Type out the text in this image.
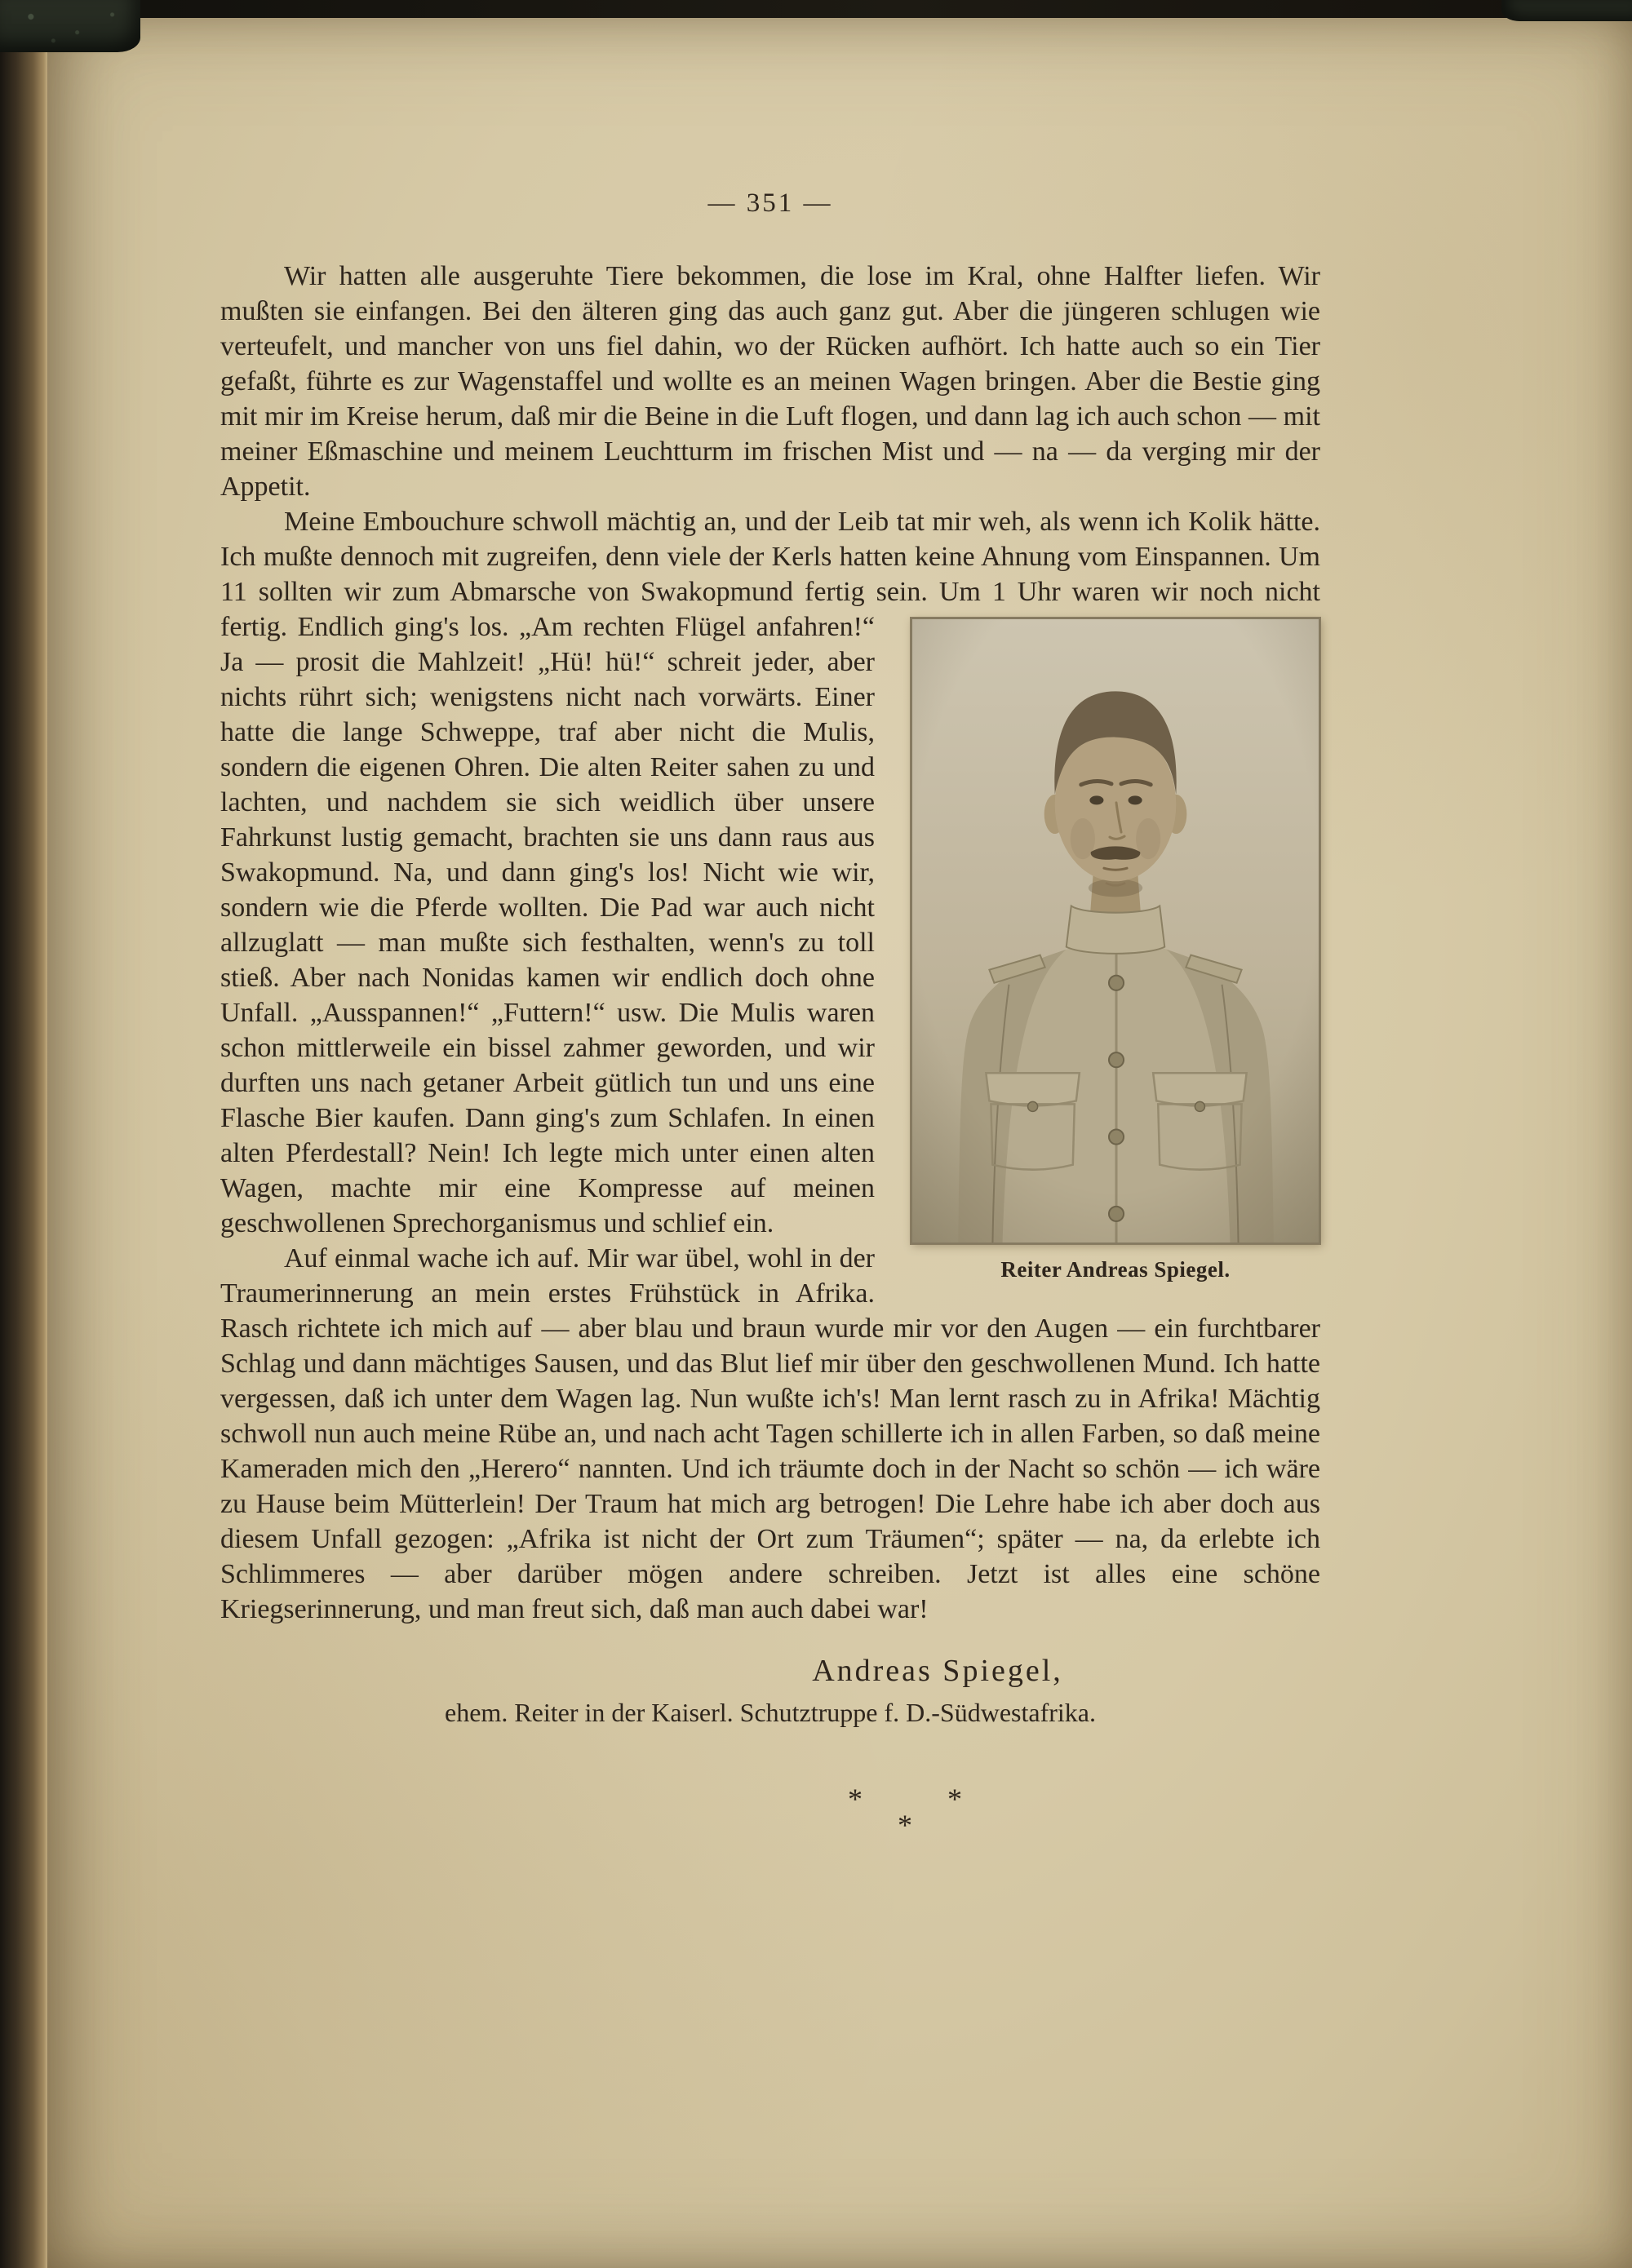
— 351 —
Wir hatten alle ausgeruhte Tiere bekommen, die lose im Kral, ohne Halfter liefen. Wir mußten sie einfangen. Bei den älteren ging das auch ganz gut. Aber die jüngeren schlugen wie verteufelt, und mancher von uns fiel dahin, wo der Rücken aufhört. Ich hatte auch so ein Tier gefaßt, führte es zur Wagenstaffel und wollte es an meinen Wagen bringen. Aber die Bestie ging mit mir im Kreise herum, daß mir die Beine in die Luft flogen, und dann lag ich auch schon — mit meiner Eßmaschine und meinem Leuchtturm im frischen Mist und — na — da verging mir der Appetit.
Meine Embouchure schwoll mächtig an, und der Leib tat mir weh, als wenn ich Kolik hätte. Ich mußte dennoch mit zugreifen, denn viele der Kerls hatten keine Ahnung vom Einspannen. Um 11 sollten wir zum Abmarsche von Swakopmund fertig sein. Um 1 Uhr waren wir noch nicht fertig. Endlich ging's los.
Reiter Andreas Spiegel.
„Am rechten Flügel anfahren!“ Ja — prosit die Mahlzeit! „Hü! hü!“ schreit jeder, aber nichts rührt sich; wenigstens nicht nach vorwärts. Einer hatte die lange Schweppe, traf aber nicht die Mulis, sondern die eigenen Ohren. Die alten Reiter sahen zu und lachten, und nachdem sie sich weidlich über unsere Fahrkunst lustig gemacht, brachten sie uns dann raus aus Swakopmund. Na, und dann ging's los! Nicht wie wir, sondern wie die Pferde wollten. Die Pad war auch nicht allzuglatt — man mußte sich festhalten, wenn's zu toll stieß. Aber nach Nonidas kamen wir endlich doch ohne Unfall. „Ausspannen!“ „Futtern!“ usw. Die Mulis waren schon mittlerweile ein bissel zahmer geworden, und wir durften uns nach getaner Arbeit gütlich tun und uns eine Flasche Bier kaufen. Dann ging's zum Schlafen. In einen alten Pferdestall? Nein! Ich legte mich unter einen alten Wagen, machte mir eine Kompresse auf meinen geschwollenen Sprechorganismus und schlief ein.
Auf einmal wache ich auf. Mir war übel, wohl in der Traumerinnerung an mein erstes Frühstück in Afrika. Rasch richtete ich mich auf — aber blau und braun wurde mir vor den Augen — ein furchtbarer Schlag und dann mächtiges Sausen, und das Blut lief mir über den geschwollenen Mund. Ich hatte vergessen, daß ich unter dem Wagen lag. Nun wußte ich's! Man lernt rasch zu in Afrika! Mächtig schwoll nun auch meine Rübe an, und nach acht Tagen schillerte ich in allen Farben, so daß meine Kameraden mich den „Herero“ nannten. Und ich träumte doch in der Nacht so schön — ich wäre zu Hause beim Mütterlein! Der Traum hat mich arg betrogen! Die Lehre habe ich aber doch aus diesem Unfall gezogen: „Afrika ist nicht der Ort zum Träumen“; später — na, da erlebte ich Schlimmeres — aber darüber mögen andere schreiben. Jetzt ist alles eine schöne Kriegserinnerung, und man freut sich, daß man auch dabei war!
Andreas Spiegel,
ehem. Reiter in der Kaiserl. Schutztruppe f. D.-Südwestafrika.
*	*
*
